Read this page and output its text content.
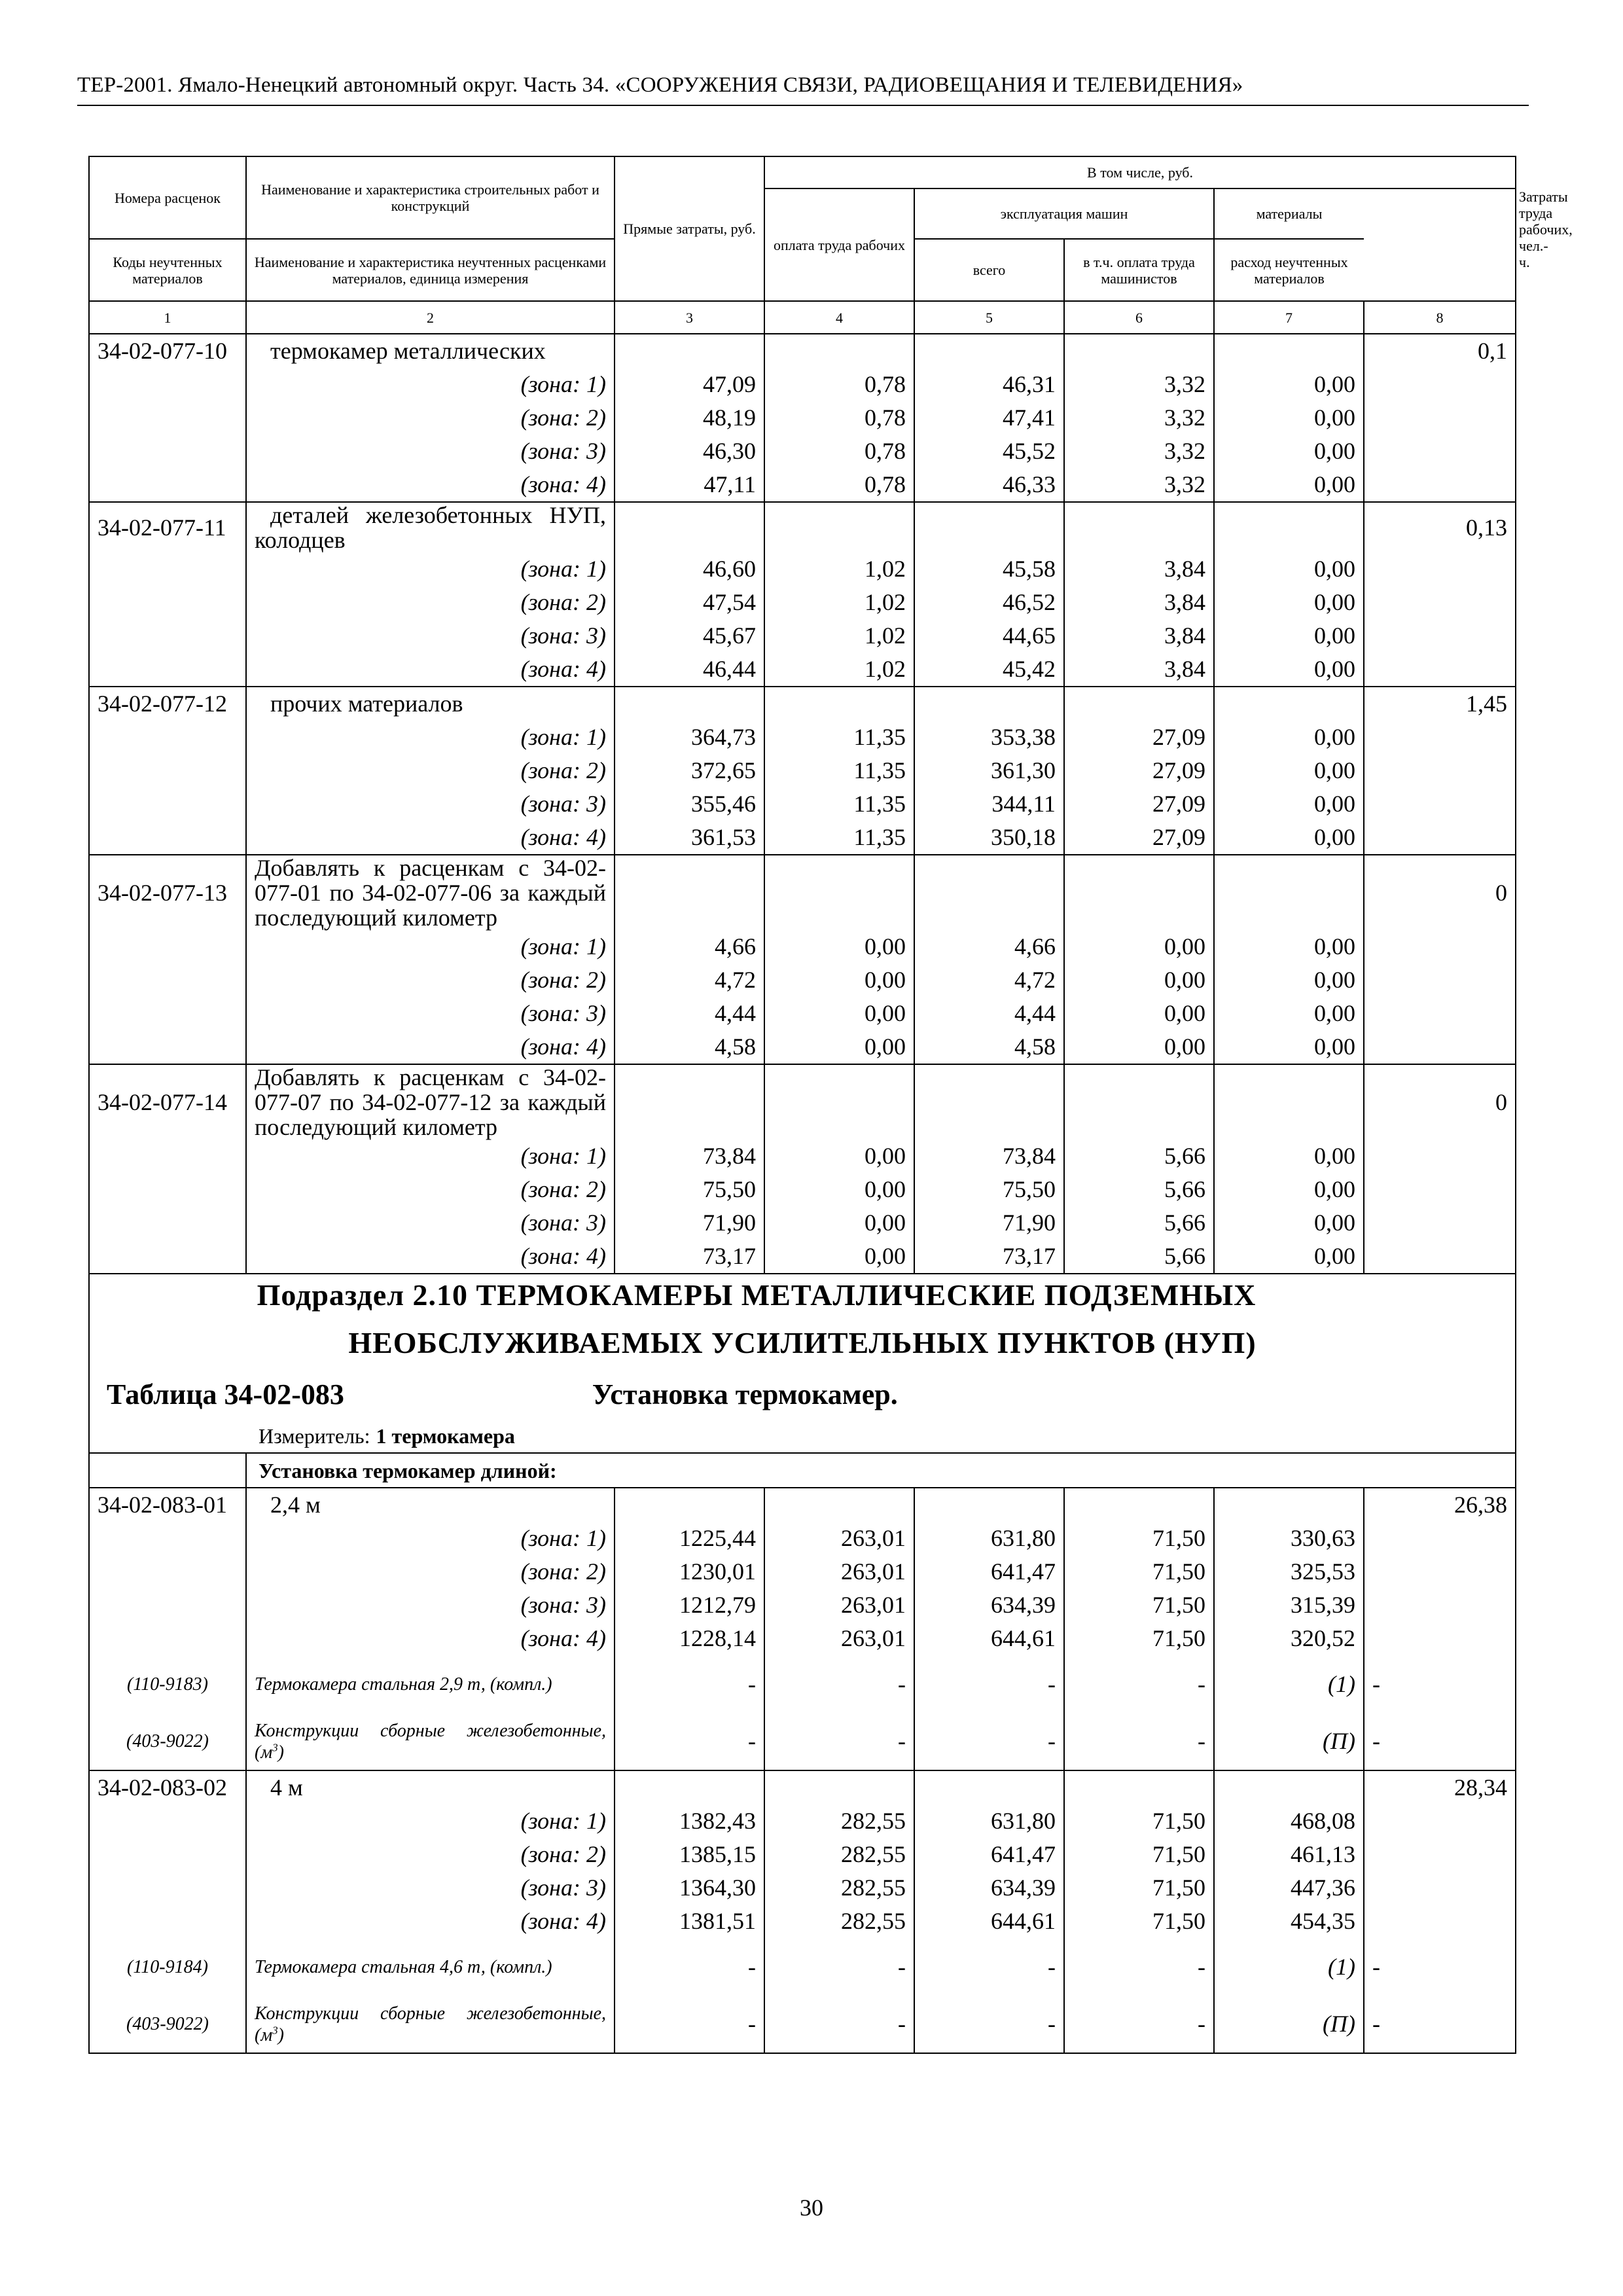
ТЕР-2001. Ямало-Ненецкий автономный округ. Часть 34. «СООРУЖЕНИЯ СВЯЗИ, РАДИОВЕЩАНИЯ И ТЕЛЕВИДЕНИЯ»
Номера расценок	Наименование и характеристика строительных работ и конструкций	Прямые затраты, руб.	В том числе, руб.					Затраты труда рабочих, чел.-ч.
			оплата труда рабочих	эксплуатация машин		материалы		
Коды неучтенных материалов	Наименование и характеристика неучтенных расценками материалов, единица измерения			всего	в т.ч. оплата труда машинистов	расход неучтенных материалов		
1	2	3	4	5	6	7	8	
34-02-077-10	термокамер металлических						0,1	
	(зона: 1)	47,09	0,78	46,31	3,32	0,00		
	(зона: 2)	48,19	0,78	47,41	3,32	0,00		
	(зона: 3)	46,30	0,78	45,52	3,32	0,00		
	(зона: 4)	47,11	0,78	46,33	3,32	0,00		
34-02-077-11	деталей железобетонных НУП, колодцев						0,13	
	(зона: 1)	46,60	1,02	45,58	3,84	0,00		
	(зона: 2)	47,54	1,02	46,52	3,84	0,00		
	(зона: 3)	45,67	1,02	44,65	3,84	0,00		
	(зона: 4)	46,44	1,02	45,42	3,84	0,00		
34-02-077-12	прочих материалов						1,45	
	(зона: 1)	364,73	11,35	353,38	27,09	0,00		
	(зона: 2)	372,65	11,35	361,30	27,09	0,00		
	(зона: 3)	355,46	11,35	344,11	27,09	0,00		
	(зона: 4)	361,53	11,35	350,18	27,09	0,00		
34-02-077-13	Добавлять к расценкам с 34-02-077-01 по 34-02-077-06 за каждый последующий километр						0	
	(зона: 1)	4,66	0,00	4,66	0,00	0,00		
	(зона: 2)	4,72	0,00	4,72	0,00	0,00		
	(зона: 3)	4,44	0,00	4,44	0,00	0,00		
	(зона: 4)	4,58	0,00	4,58	0,00	0,00		
34-02-077-14	Добавлять к расценкам с 34-02-077-07 по 34-02-077-12 за каждый последующий километр						0	
	(зона: 1)	73,84	0,00	73,84	5,66	0,00		
	(зона: 2)	75,50	0,00	75,50	5,66	0,00		
	(зона: 3)	71,90	0,00	71,90	5,66	0,00		
	(зона: 4)	73,17	0,00	73,17	5,66	0,00		

Подраздел 2.10 ТЕРМОКАМЕРЫ МЕТАЛЛИЧЕСКИЕ ПОДЗЕМНЫХ								

НЕОБСЛУЖИВАЕМЫХ УСИЛИТЕЛЬНЫХ ПУНКТОВ (НУП)								

Таблица 34-02-083 Установка термокамер.								
Измеритель: 1 термокамера								
	Установка термокамер длиной:							
34-02-083-01	2,4 м						26,38	
	(зона: 1)	1225,44	263,01	631,80	71,50	330,63		
	(зона: 2)	1230,01	263,01	641,47	71,50	325,53		
	(зона: 3)	1212,79	263,01	634,39	71,50	315,39		
	(зона: 4)	1228,14	263,01	644,61	71,50	320,52		
(110-9183)	Термокамера стальная 2,9 т, (компл.)	-	-	-	-	(1)	-	
(403-9022)	Конструкции сборные железобетонные, $(м^3)$	-	-	-	-	(П)	-	
34-02-083-02	4 м						28,34	
	(зона: 1)	1382,43	282,55	631,80	71,50	468,08		
	(зона: 2)	1385,15	282,55	641,47	71,50	461,13		
	(зона: 3)	1364,30	282,55	634,39	71,50	447,36		
	(зона: 4)	1381,51	282,55	644,61	71,50	454,35		
(110-9184)	Термокамера стальная 4,6 т, (компл.)	-	-	-	-	(1)	-	
(403-9022)	Конструкции сборные железобетонные, $(м^3)$	-	-	-	-	(П)	-	
30
